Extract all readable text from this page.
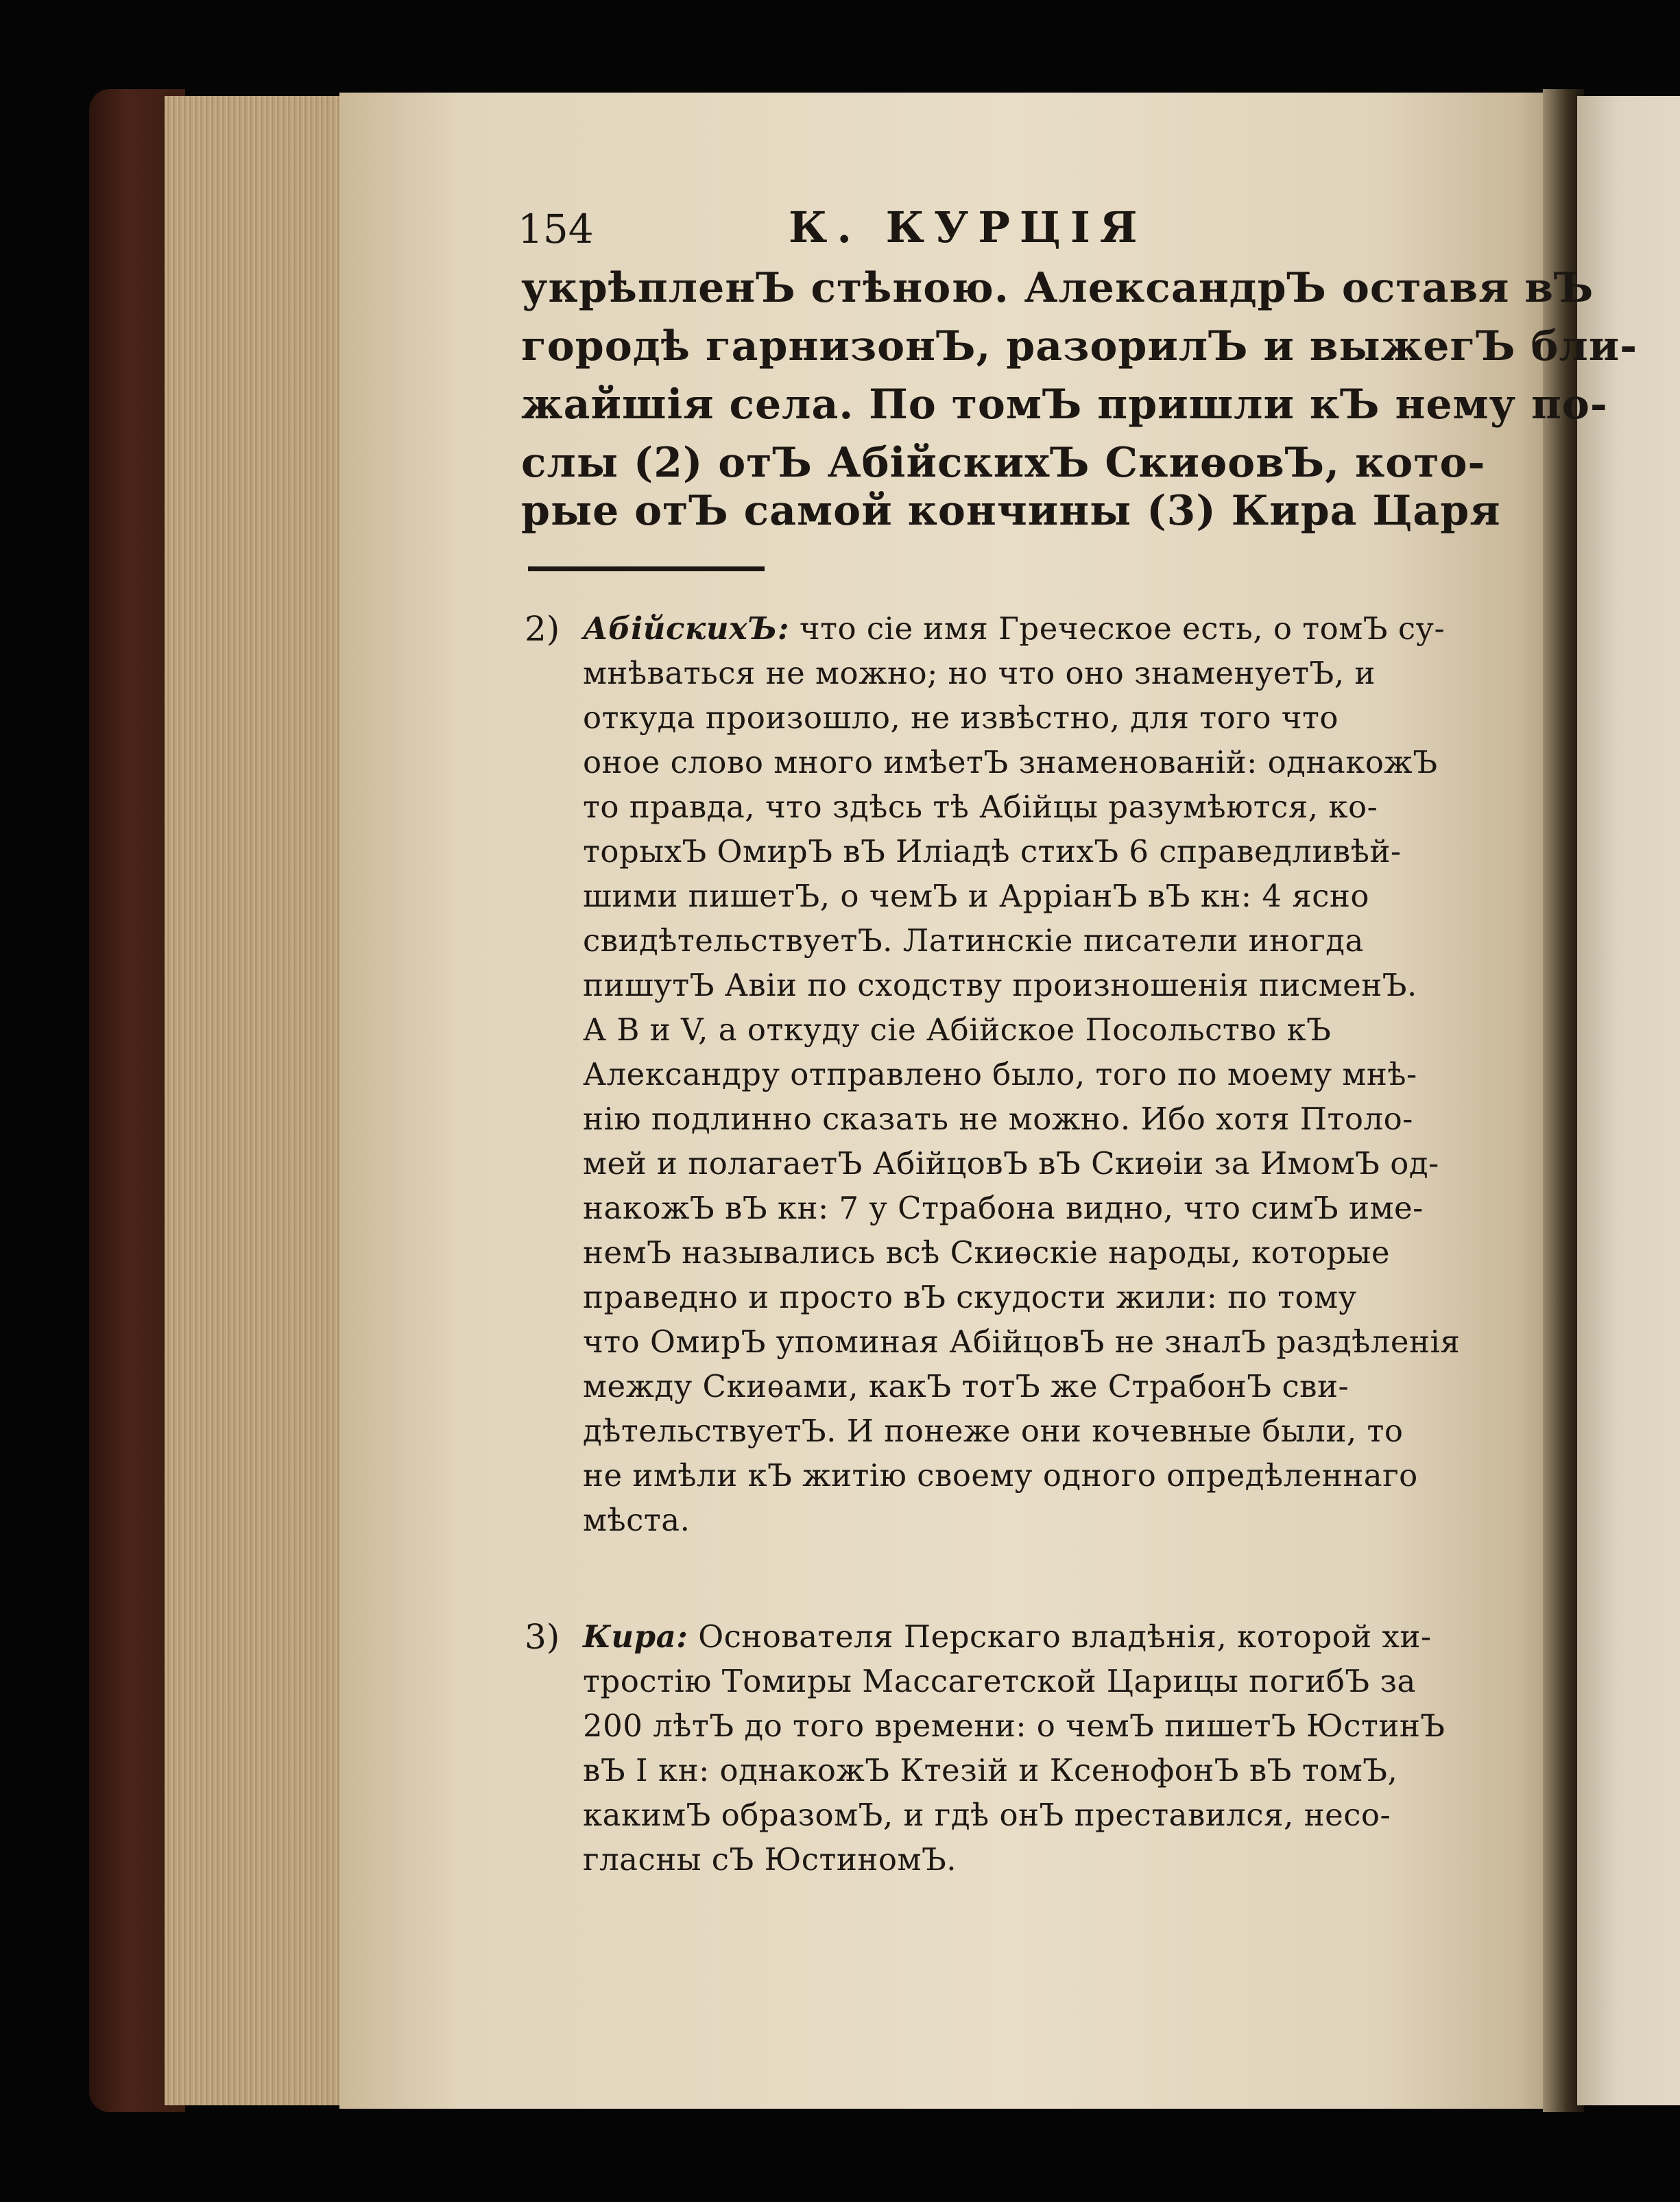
154	К. КУРЦІЯ
укрѣпленЪ стѣною. АлександрЪ оставя вЪ
городѣ гарнизонЪ, разорилЪ и выжегЪ бли-
жайшія села. По томЪ пришли кЪ нему по-
слы (2) отЪ АбійскихЪ СкиѳовЪ, кото-
рые отЪ самой кончины (3) Кира Царя
2) АбійскихЪ: что сіе имя Греческое есть, о томЪ су-
мнѣваться не можно; но что оно знаменуетЪ, и
откуда произошло, не извѣстно, для того что
оное слово много имѣетЪ знаменованій: однакожЪ
то правда, что здѣсь тѣ Абійцы разумѣются, ко-
торыхЪ ОмирЪ вЪ Иліадѣ стихЪ 6 справедливѣй-
шими пишетЪ, о чемЪ и АрріанЪ вЪ кн: 4 ясно
свидѣтельствуетЪ. Латинскіе писатели иногда
пишутЪ Авіи по сходству произношенія писменЪ.
А В и V, а откуду сіе Абійское Посольство кЪ
Александру отправлено было, того по моему мнѣ-
нію подлинно сказать не можно. Ибо хотя Птоло-
мей и полагаетЪ АбійцовЪ вЪ Скиѳіи за ИмомЪ од-
накожЪ вЪ кн: 7 у Страбона видно, что симЪ име-
немЪ назывались всѣ Скиѳскіе народы, которые
праведно и просто вЪ скудости жили: по тому
что ОмирЪ упоминая АбійцовЪ не зналЪ раздѣленія
между Скиѳами, какЪ тотЪ же СтрабонЪ сви-
дѣтельствуетЪ. И понеже они кочевные были, то
не имѣли кЪ житію своему одного опредѣленнаго
мѣста.
3) Кира: Основателя Перскаго владѣнія, которой хи-
тростію Томиры Массагетской Царицы погибЪ за
200 лѣтЪ до того времени: о чемЪ пишетЪ ЮстинЪ
вЪ I кн: однакожЪ Ктезій и КсенофонЪ вЪ томЪ,
какимЪ образомЪ, и гдѣ онЪ преставился, несо-
гласны сЪ ЮстиномЪ.
